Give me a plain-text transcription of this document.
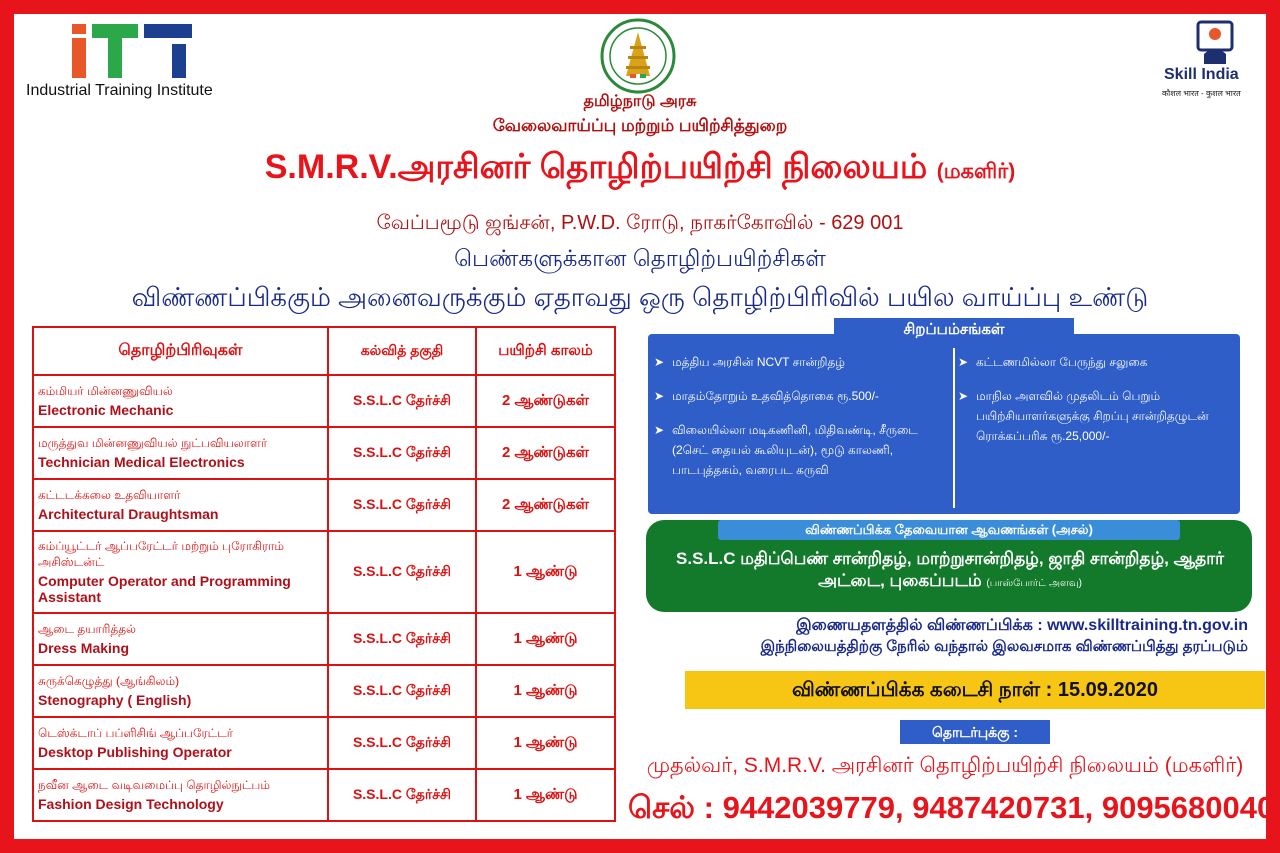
Industrial Training Institute
Skill India
कौशल भारत - कुशल भारत
தமிழ்நாடு அரசு
வேலைவாய்ப்பு மற்றும் பயிற்சித்துறை
S.M.R.V.அரசினர் தொழிற்பயிற்சி நிலையம் (மகளிர்)
வேப்பமூடு ஜங்சன், P.W.D. ரோடு, நாகர்கோவில் - 629 001
பெண்களுக்கான தொழிற்பயிற்சிகள்
விண்ணப்பிக்கும் அனைவருக்கும் ஏதாவது ஒரு தொழிற்பிரிவில் பயில வாய்ப்பு உண்டு
தொழிற்பிரிவுகள்	கல்வித் தகுதி	பயிற்சி காலம்

கம்மியர் மின்னணுவியல்
Electronic Mechanic	S.S.L.C தேர்ச்சி	2 ஆண்டுகள்

மருத்துவ மின்னணுவியல் நுட்பவியலாளர்
Technician Medical Electronics	S.S.L.C தேர்ச்சி	2 ஆண்டுகள்

கட்டடக்கலை உதவியாளர்
Architectural Draughtsman	S.S.L.C தேர்ச்சி	2 ஆண்டுகள்

கம்ப்யூட்டர் ஆப்பரேட்டர் மற்றும் புரோகிராம் அசிஸ்டன்ட்
Computer Operator and Programming Assistant	S.S.L.C தேர்ச்சி	1 ஆண்டு

ஆடை தயாரித்தல்
Dress Making	S.S.L.C தேர்ச்சி	1 ஆண்டு

சுருக்கெழுத்து (ஆங்கிலம்)
Stenography ( English)	S.S.L.C தேர்ச்சி	1 ஆண்டு

டெஸ்க்டாப் பப்ளிசிங் ஆப்பரேட்டர்
Desktop Publishing Operator	S.S.L.C தேர்ச்சி	1 ஆண்டு

நவீன ஆடை வடிவமைப்பு தொழில்நுட்பம்
Fashion Design Technology	S.S.L.C தேர்ச்சி	1 ஆண்டு
➤ மத்திய அரசின் NCVT சான்றிதழ்
➤ மாதம்தோறும் உதவித்தொகை ரூ.500/-
➤ விலையில்லா மடிகணினி, மிதிவண்டி, சீருடை (2செட் தையல் கூலியுடன்), மூடு காலணி, பாடபுத்தகம், வரைபட கருவி
➤ கட்டணமில்லா பேருந்து சலுகை
➤ மாநில அளவில் முதலிடம் பெறும் பயிற்சியாளர்களுக்கு சிறப்பு சான்றிதழுடன் ரொக்கப்பரிசு ரூ.25,000/-
சிறப்பம்சங்கள்
விண்ணப்பிக்க தேவையான ஆவணங்கள் (அசல்)
S.S.L.C மதிப்பெண் சான்றிதழ், மாற்றுசான்றிதழ், ஜாதி சான்றிதழ், ஆதார் அட்டை, புகைப்படம் (பாஸ்போர்ட் அளவு)
இணையதளத்தில் விண்ணப்பிக்க : www.skilltraining.tn.gov.in
இந்நிலையத்திற்கு நேரில் வந்தால் இலவசமாக விண்ணப்பித்து தரப்படும்
விண்ணப்பிக்க கடைசி நாள் : 15.09.2020
தொடர்புக்கு :
முதல்வர், S.M.R.V. அரசினர் தொழிற்பயிற்சி நிலையம் (மகளிர்)
செல் : 9442039779, 9487420731, 9095680040
